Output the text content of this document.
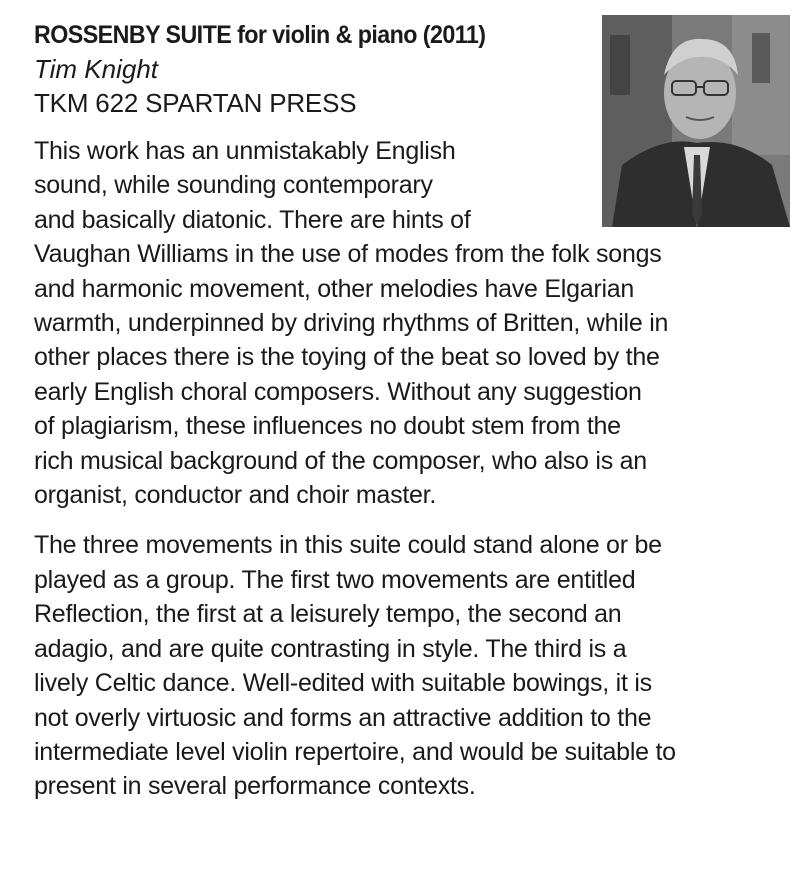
ROSSENBY SUITE for violin & piano (2011)

Tim Knight

TKM 622 SPARTAN PRESS

This work has an unmistakably English
sound, while sounding contemporary
and basically diatonic. There are hints of
Vaughan Williams in the use of modes from the folk songs
and harmonic movement, other melodies have Elgarian
warmth, underpinned by driving rhythms of Britten, while in
other places there is the toying of the beat so loved by the
early English choral composers. Without any suggestion
of plagiarism, these influences no doubt stem from the
rich musical background of the composer, who also is an
organist, conductor and choir master.

The three movements in this suite could stand alone or be
played as a group. The first two movements are entitled
Reflection, the first at a leisurely tempo, the second an
adagio, and are quite contrasting in style. The third is a
lively Celtic dance. Well-edited with suitable bowings, it is
not overly virtuosic and forms an attractive addition to the
intermediate level violin repertoire, and would be suitable to
present in several performance contexts.
